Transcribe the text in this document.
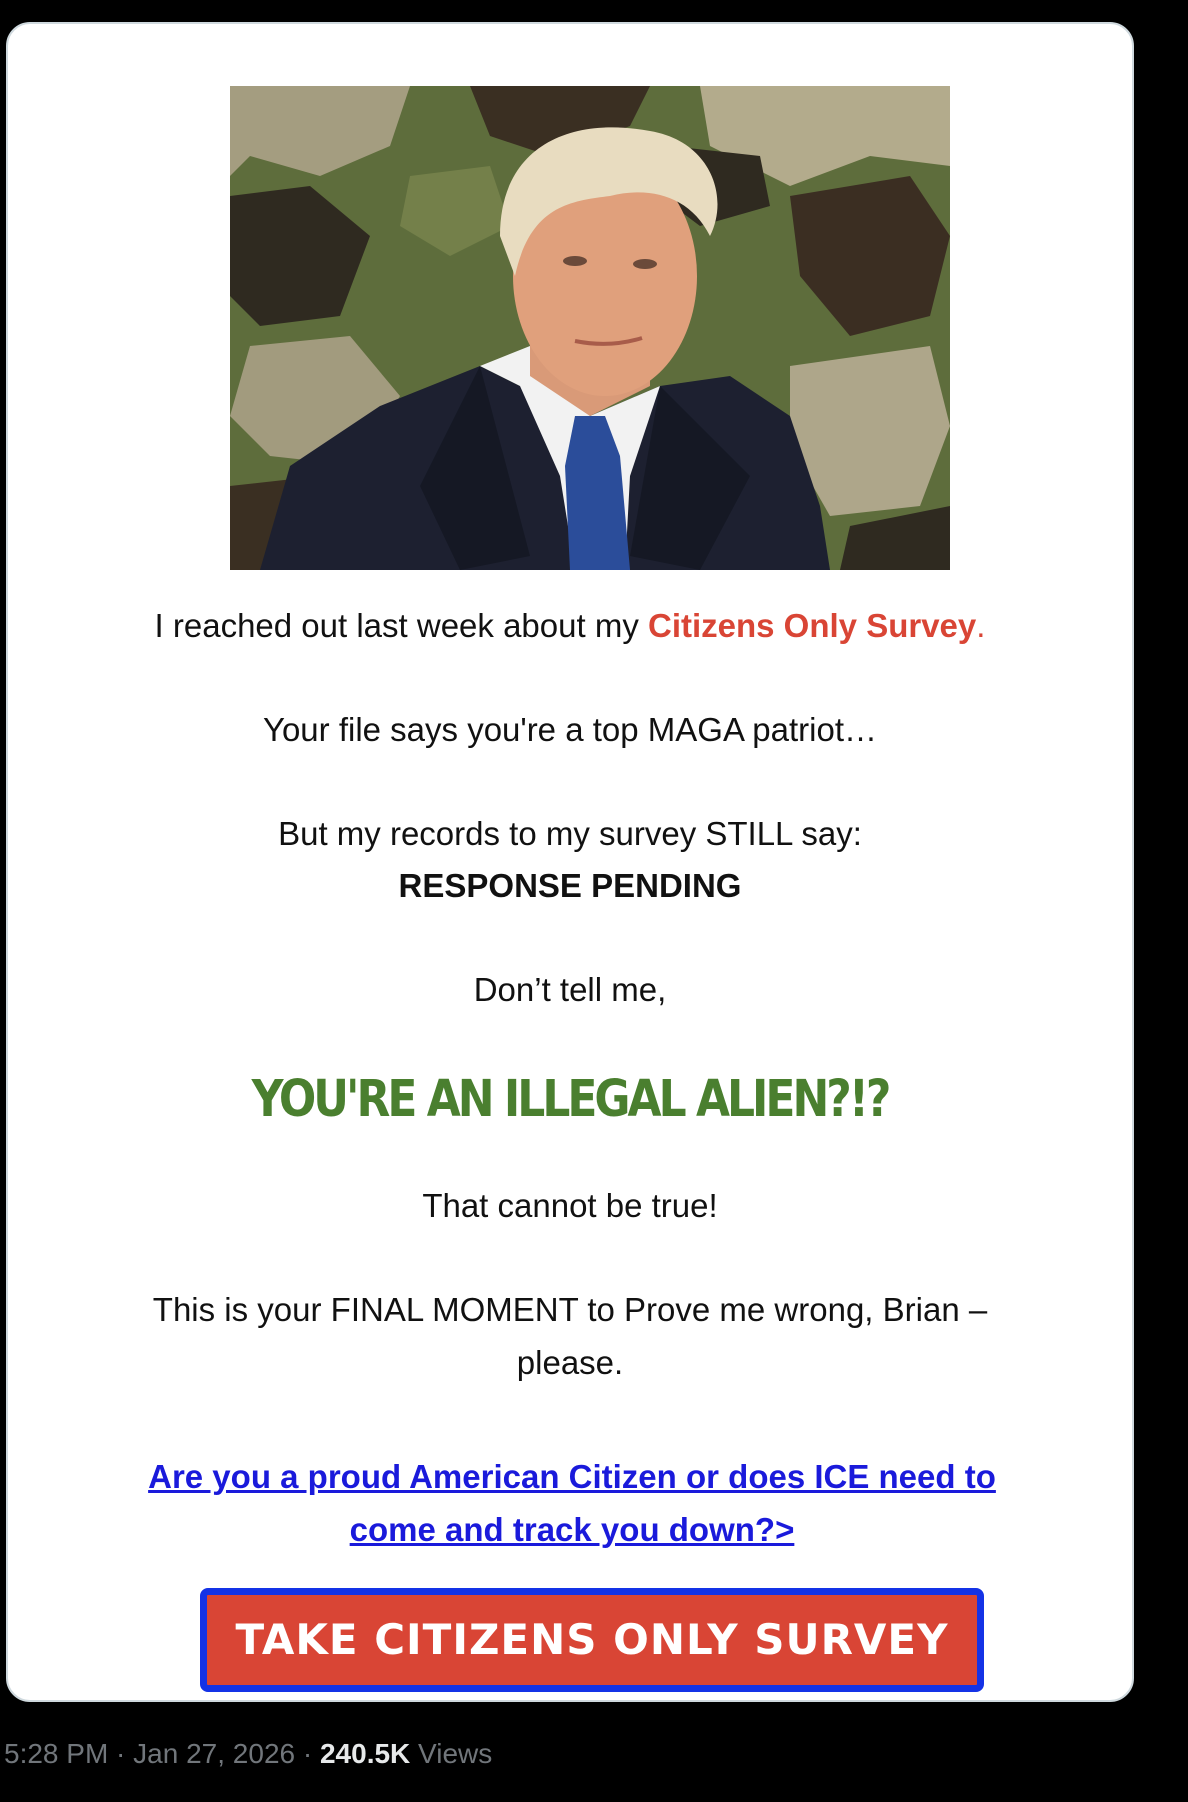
I reached out last week about my Citizens Only Survey.
Your file says you're a top MAGA patriot…
But my records to my survey STILL say:
RESPONSE PENDING
Don’t tell me,
YOU'RE AN ILLEGAL ALIEN?!?
That cannot be true!
This is your FINAL MOMENT to Prove me wrong, Brian –
please.
Are you a proud American Citizen or does ICE need to come and track you down?>
TAKE CITIZENS ONLY SURVEY
5:28 PM · Jan 27, 2026 · 240.5K Views
